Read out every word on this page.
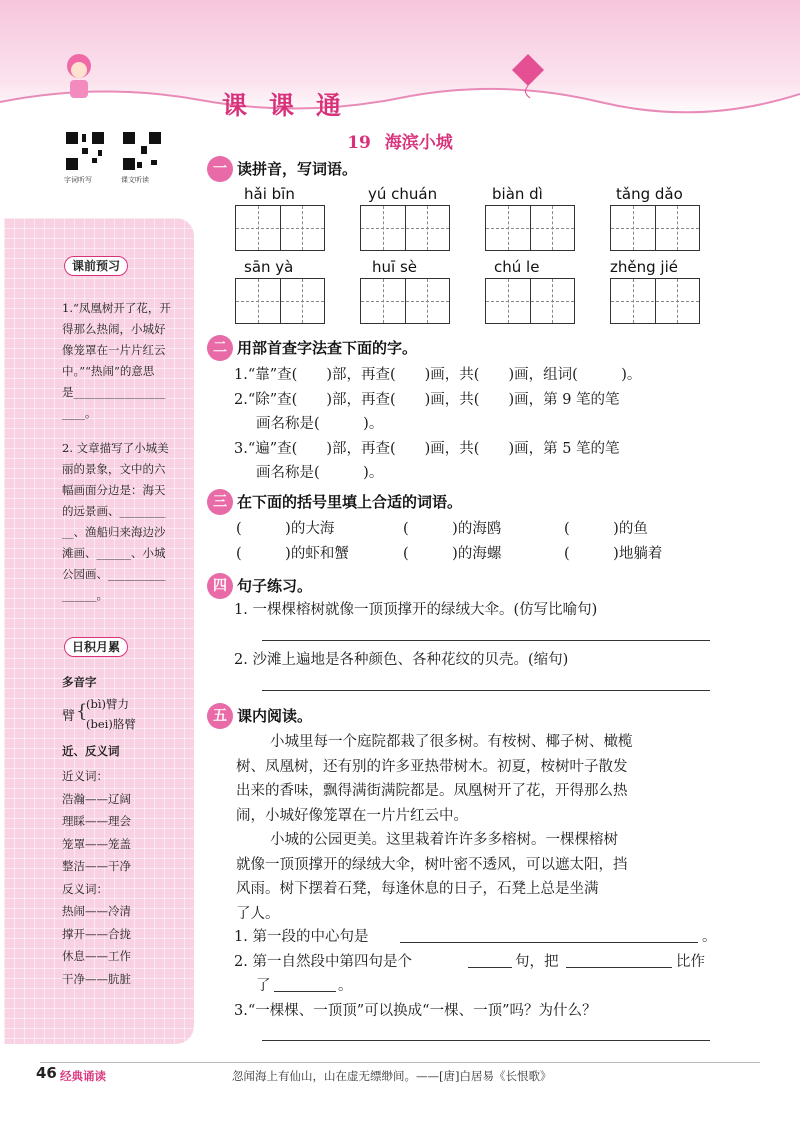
课课通
19 海滨小城
字词听写	课文听读
课前预习
1.“凤凰树开了花，开
得那么热闹，小城好
像笼罩在一片片红云
中。”“热闹”的意思
是________________
____。
2. 文章描写了小城美
丽的景象，文中的六
幅画面分边是：海天
的远景画、________
__、渔船归来海边沙
滩画、______、小城
公园画、__________
______。
日积月累
多音字
臂 {
(bì)臂力
(bei)胳臂
近、反义词
近义词：
浩瀚——辽阔
理睬——理会
笼罩——笼盖
整洁——干净
反义词：
热闹——冷清
撑开——合拢
休息——工作
干净——肮脏
一 读拼音，写词语。
hǎi bīn	yú chuán	biàn dì	tǎng dǎo
sān yà	huī sè	chú le	zhěng jié
二 用部首查字法查下面的字。
1.“靠”查(　　)部，再查(　　)画，共(　　)画，组词(　　　)。
2.“除”查(　　)部，再查(　　)画，共(　　)画，第 9 笔的笔
画名称是(　　　)。
3.“遍”查(　　)部，再查(　　)画，共(　　)画，第 5 笔的笔
画名称是(　　　)。
三 在下面的括号里填上合适的词语。
(　　　)的大海	(　　　)的海鸥	(　　　)的鱼
(　　　)的虾和蟹	(　　　)的海螺	(　　　)地躺着
四 句子练习。
1. 一棵棵榕树就像一顶顶撑开的绿绒大伞。(仿写比喻句)
2. 沙滩上遍地是各种颜色、各种花纹的贝壳。(缩句)
五 课内阅读。
小城里每一个庭院都栽了很多树。有桉树、椰子树、橄榄
树、凤凰树，还有别的许多亚热带树木。初夏，桉树叶子散发
出来的香味，飘得满街满院都是。凤凰树开了花，开得那么热
闹，小城好像笼罩在一片片红云中。
小城的公园更美。这里栽着许许多多榕树。一棵棵榕树
就像一顶顶撑开的绿绒大伞，树叶密不透风，可以遮太阳，挡
风雨。树下摆着石凳，每逢休息的日子，石凳上总是坐满
了人。
1. 第一段的中心句是	。
2. 第一自然段中第四句是个	句，把	比作
了	。
3.“一棵棵、一顶顶”可以换成“一棵、一顶”吗？为什么？
46 经典诵读	忽闻海上有仙山，山在虚无缥缈间。——[唐]白居易《长恨歌》
